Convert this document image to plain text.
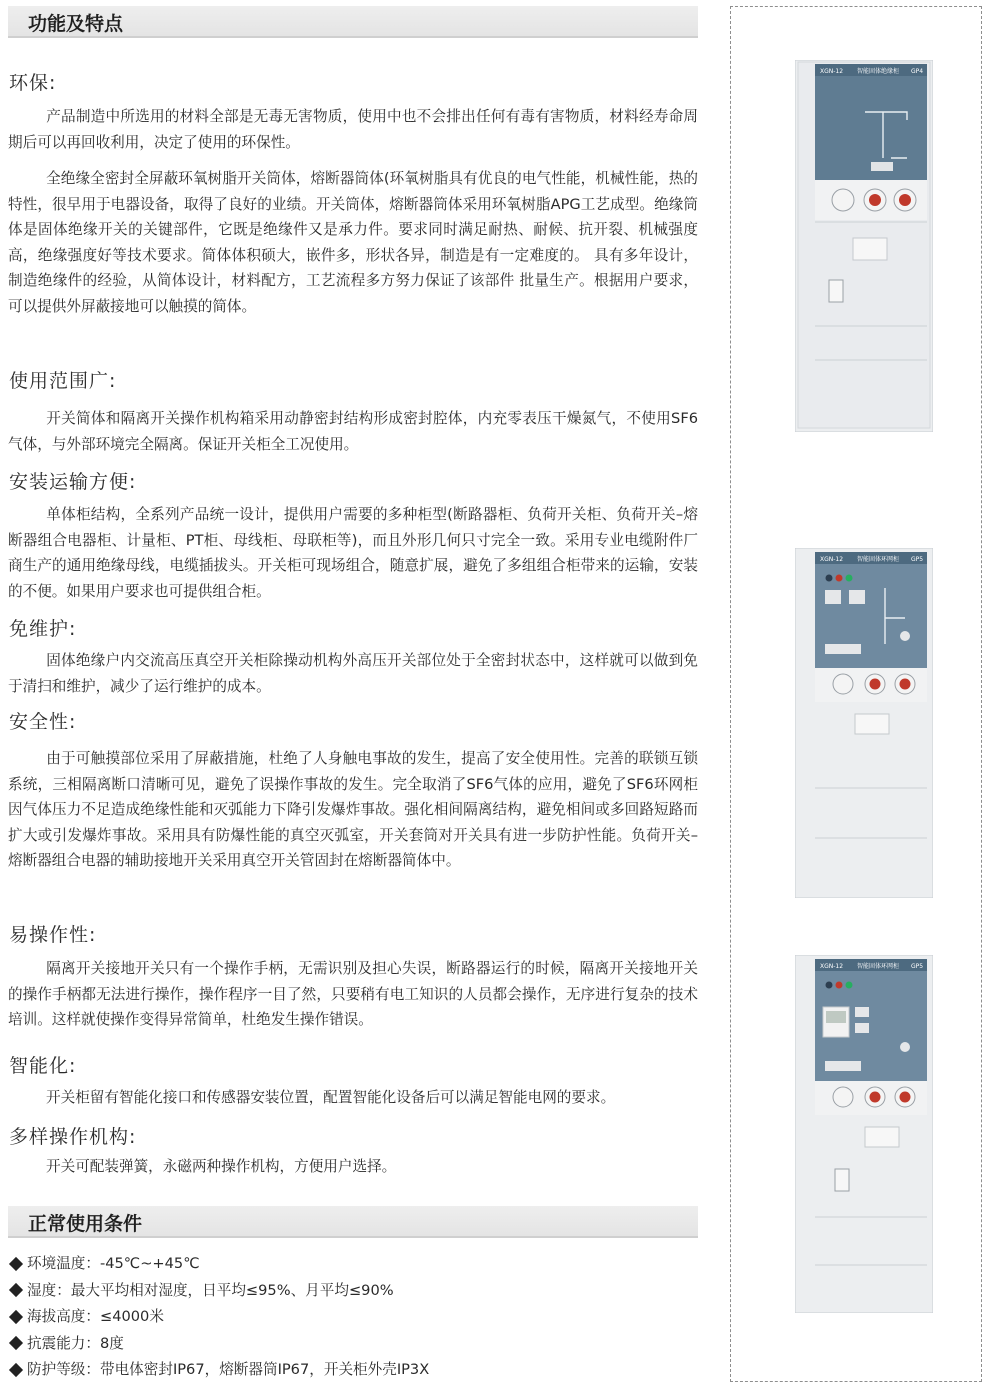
功能及特点
环保:

产品制造中所选用的材料全部是无毒无害物质，使用中也不会排出任何有毒有害物质，材料经寿命周期后可以再回收利用，决定了使用的环保性。

全绝缘全密封全屏蔽环氧树脂开关筒体，熔断器筒体(环氧树脂具有优良的电气性能，机械性能，热的特性，很早用于电器设备，取得了良好的业绩。开关筒体，熔断器筒体采用环氧树脂APG工艺成型。绝缘筒体是固体绝缘开关的关键部件，它既是绝缘件又是承力件。要求同时满足耐热、耐候、抗开裂、机械强度高，绝缘强度好等技术要求。简体体积硕大，嵌件多，形状各异，制造是有一定难度的。 具有多年设计，制造绝缘件的经验，从简体设计，材料配方，工艺流程多方努力保证了该部件 批量生产。根据用户要求，可以提供外屏蔽接地可以触摸的简体。

使用范围广:

开关简体和隔离开关操作机构箱采用动静密封结构形成密封腔体，内充零表压干燥氮气，不使用SF6气体，与外部环境完全隔离。保证开关柜全工况使用。

安装运输方便:

单体柜结构，全系列产品统一设计，提供用户需要的多种柜型(断路器柜、负荷开关柜、负荷开关–熔断器组合电器柜、计量柜、PT柜、母线柜、母联柜等)，而且外形几何只寸完全一致。采用专业电缆附件厂商生产的通用绝缘母线，电缆插拔头。开关柜可现场组合，随意扩展，避免了多组组合柜带来的运输，安装的不便。如果用户要求也可提供组合柜。

免维护:

固体绝缘户内交流高压真空开关柜除操动机构外高压开关部位处于全密封状态中，这样就可以做到免于清扫和维护，减少了运行维护的成本。

安全性:

由于可触摸部位采用了屏蔽措施，杜绝了人身触电事故的发生，提高了安全使用性。完善的联锁互锁系统，三相隔离断口清晰可见，避免了误操作事故的发生。完全取消了SF6气体的应用，避免了SF6环网柜因气体压力不足造成绝缘性能和灭弧能力下降引发爆炸事故。强化相间隔离结构，避免相间或多回路短路而扩大或引发爆炸事故。采用具有防爆性能的真空灭弧室，开关套筒对开关具有进一步防护性能。负荷开关–熔断器组合电器的辅助接地开关采用真空开关管固封在熔断器简体中。

易操作性:

隔离开关接地开关只有一个操作手柄，无需识别及担心失误，断路器运行的时候，隔离开关接地开关的操作手柄都无法进行操作，操作程序一目了然，只要稍有电工知识的人员都会操作，无序进行复杂的技术培训。这样就使操作变得异常简单，杜绝发生操作错误。

智能化:

开关柜留有智能化接口和传感器安装位置，配置智能化设备后可以满足智能电网的要求。

多样操作机构:

开关可配装弹簧，永磁两种操作机构，方便用户选择。

正常使用条件
环境温度：-45℃~+45℃
湿度：最大平均相对湿度，日平均≤95%、月平均≤90%
海拔高度：≤4000米
抗震能力：8度
防护等级：带电体密封IP67，熔断器筒IP67，开关柜外壳IP3X
XGN-12 智能固体绝缘柜 GP4
XGN-12 智能固体环网柜 GP5
XGN-12 智能固体环网柜 GP5
